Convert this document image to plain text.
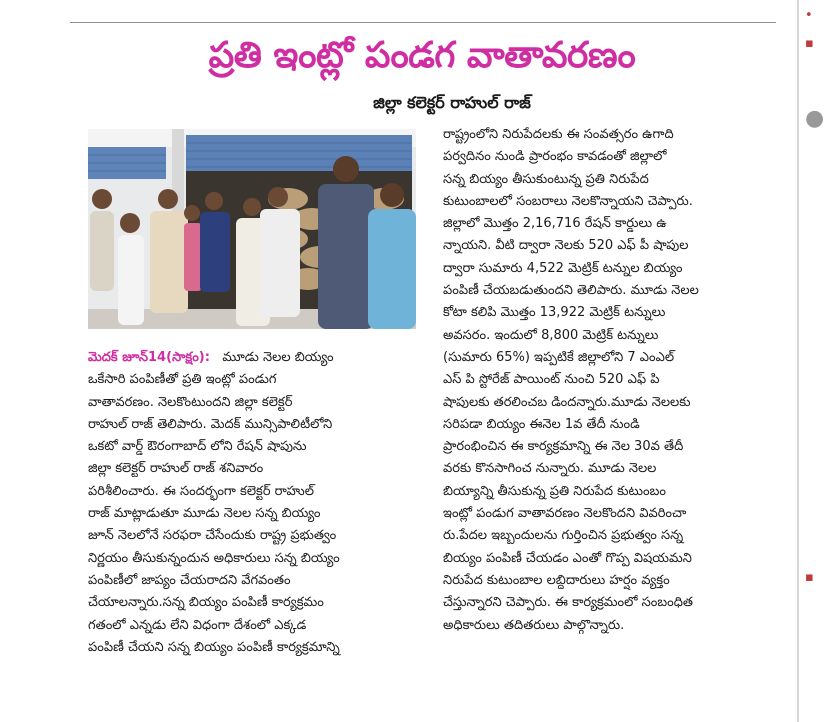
•
▪
▪
●
ప్రతి ఇంట్లో పండగ వాతావరణం
జిల్లా కలెక్టర్ రాహుల్ రాజ్
మెదక్ జూన్14(సాక్షం): మూడు నెలల బియ్యం
ఒకేసారి పంపిణీతో ప్రతి ఇంట్లో పండుగ
వాతావరణం. నెలకొంటుందని జిల్లా కలెక్టర్
రాహుల్ రాజ్ తెలిపారు. మెదక్ మున్సిపాలిటీలోని
ఒకటో వార్డ్ ఔరంగాబాద్ లోని రేషన్ షాపును
జిల్లా కలెక్టర్ రాహుల్ రాజ్ శనివారం
పరిశీలించారు. ఈ సందర్భంగా కలెక్టర్ రాహుల్
రాజ్ మాట్లాడుతూ మూడు నెలల సన్న బియ్యం
జూన్ నెలలోనే సరఫరా చేసేందుకు రాష్ట్ర ప్రభుత్వం
నిర్ణయం తీసుకున్నందున అధికారులు సన్న బియ్యం
పంపిణీలో జాప్యం చేయరాదని వేగవంతం
చేయాలన్నారు.సన్న బియ్యం పంపిణీ కార్యక్రమం
గతంలో ఎన్నడు లేని విధంగా దేశంలో ఎక్కడ
పంపిణీ చేయని సన్న బియ్యం పంపిణీ కార్యక్రమాన్ని
రాష్ట్రంలోని నిరుపేదలకు ఈ సంవత్సరం ఉగాది
పర్వదినం నుండి ప్రారంభం కావడంతో జిల్లాలో
సన్న బియ్యం తీసుకుంటున్న ప్రతి నిరుపేద
కుటుంబాలలో సంబరాలు నెలకొన్నాయని చెప్పారు.
జిల్లాలో మొత్తం 2,16,716 రేషన్ కార్డులు ఉ
న్నాయని. వీటి ద్వారా నెలకు 520 ఎఫ్ పీ షాపుల
ద్వారా సుమారు 4,522 మెట్రిక్ టన్నుల బియ్యం
పంపిణీ చేయబడుతుందని తెలిపారు. మూడు నెలల
కోటా కలిపి మొత్తం 13,922 మెట్రిక్ టన్నులు
అవసరం. ఇందులో 8,800 మెట్రిక్ టన్నులు
(సుమారు 65%) ఇప్పటికే జిల్లాలోని 7 ఎంఎల్
ఎస్ పి స్టోరేజ్ పాయింట్ నుంచి 520 ఎఫ్ పి
షాపులకు తరలించబ డిందన్నారు.మూడు నెలలకు
సరిపడా బియ్యం ఈనెల 1వ తేదీ నుండి
ప్రారంభించిన ఈ కార్యక్రమాన్ని ఈ నెల 30వ తేదీ
వరకు కొనసాగించ నున్నారు. మూడు నెలల
బియ్యాన్ని తీసుకున్న ప్రతి నిరుపేద కుటుంబం
ఇంట్లో పండుగ వాతావరణం నెలకొందని వివరించా
రు.పేదల ఇబ్బందులను గుర్తించిన ప్రభుత్వం సన్న
బియ్యం పంపిణీ చేయడం ఎంతో గొప్ప విషయమని
నిరుపేద కుటుంబాల లబ్దిదారులు హర్షం వ్యక్తం
చేస్తున్నారని చెప్పారు. ఈ కార్యక్రమంలో సంబంధిత
అధికారులు తదితరులు పాల్గొన్నారు.
